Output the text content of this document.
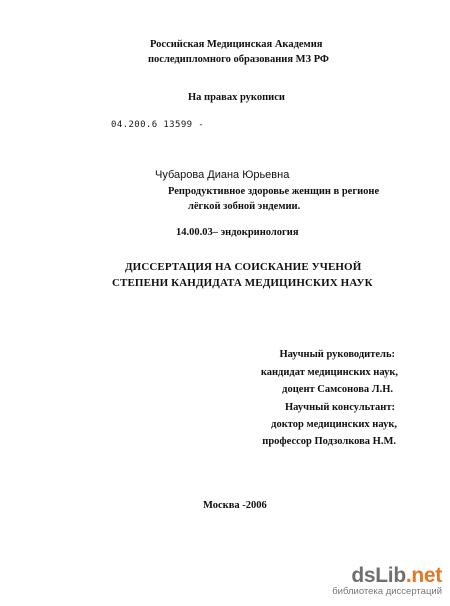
Российская Медицинская Академия
последипломного образования МЗ РФ
На правах рукописи
04.200.6 13599 -
Чубарова Диана Юрьевна
Репродуктивное здоровье женщин в регионе
лёгкой зобной эндемии.
14.00.03– эндокринология
ДИССЕРТАЦИЯ НА СОИСКАНИЕ УЧЕНОЙ
СТЕПЕНИ КАНДИДАТА МЕДИЦИНСКИХ НАУК
Научный руководитель:
кандидат медицинских наук,
доцент Самсонова Л.Н.
Научный консультант:
доктор медицинских наук,
профессор Подзолкова Н.М.
Москва -2006
dsLib.net
библиотека диссертаций
